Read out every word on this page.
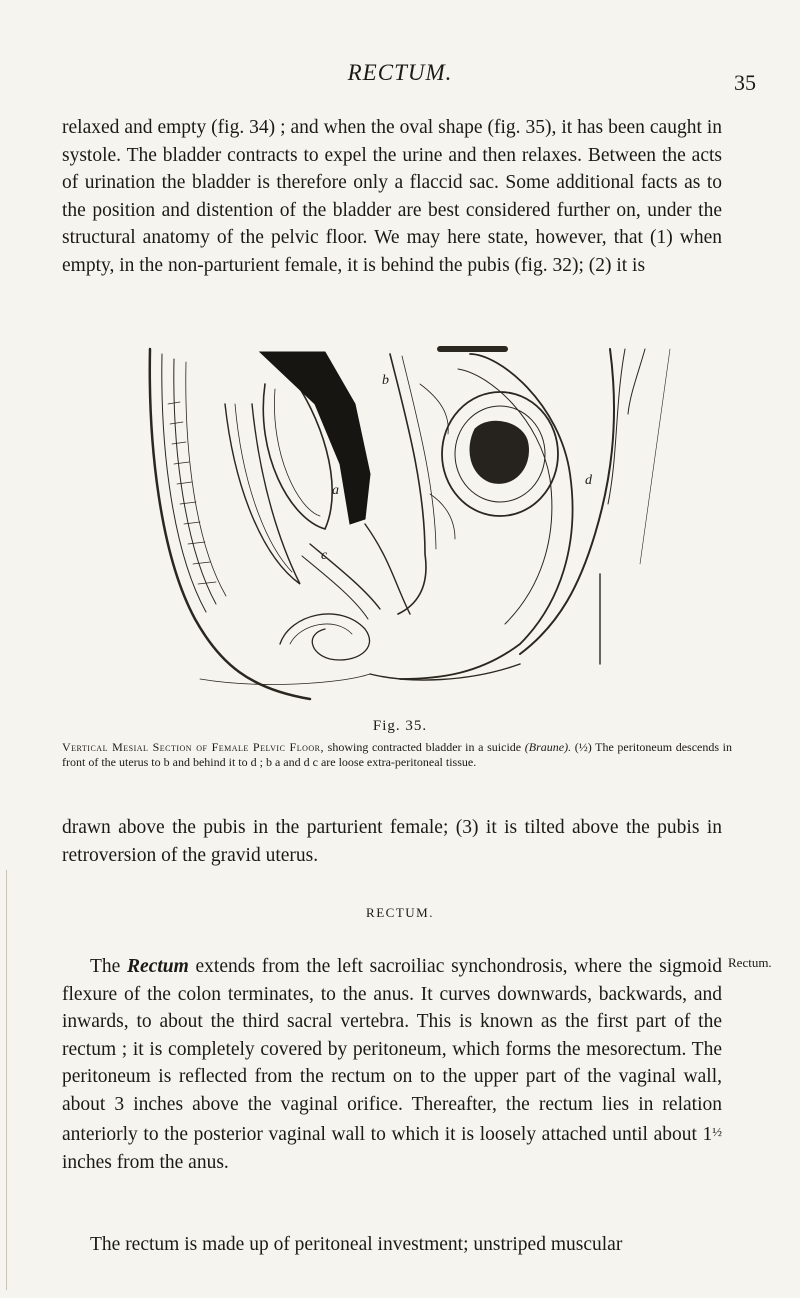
RECTUM.	35

relaxed and empty (fig. 34) ; and when the oval shape (fig. 35), it has been caught in systole. The bladder contracts to expel the urine and then relaxes. Between the acts of urination the bladder is therefore only a flaccid sac. Some additional facts as to the position and distention of the bladder are best considered further on, under the structural anatomy of the pelvic floor. We may here state, however, that (1) when empty, in the non-parturient female, it is behind the pubis (fig. 32); (2) it is

a
c
b
d
Fig. 35.

Vertical Mesial Section of Female Pelvic Floor, showing contracted bladder in a suicide (Braune). (½) The peritoneum descends in front of the uterus to b and behind it to d ; b a and d c are loose extra-peritoneal tissue.

drawn above the pubis in the parturient female; (3) it is tilted above the pubis in retroversion of the gravid uterus.

RECTUM.
Rectum.

The Rectum extends from the left sacroiliac synchondrosis, where the sigmoid flexure of the colon terminates, to the anus. It curves downwards, backwards, and inwards, to about the third sacral vertebra. This is known as the first part of the rectum ; it is completely covered by peritoneum, which forms the mesorectum. The peritoneum is reflected from the rectum on to the upper part of the vaginal wall, about 3 inches above the vaginal orifice. Thereafter, the rectum lies in relation anteriorly to the posterior vaginal wall to which it is loosely attached until about $1^{\frac{1}{2}}$ inches from the anus.

The rectum is made up of peritoneal investment; unstriped muscular
